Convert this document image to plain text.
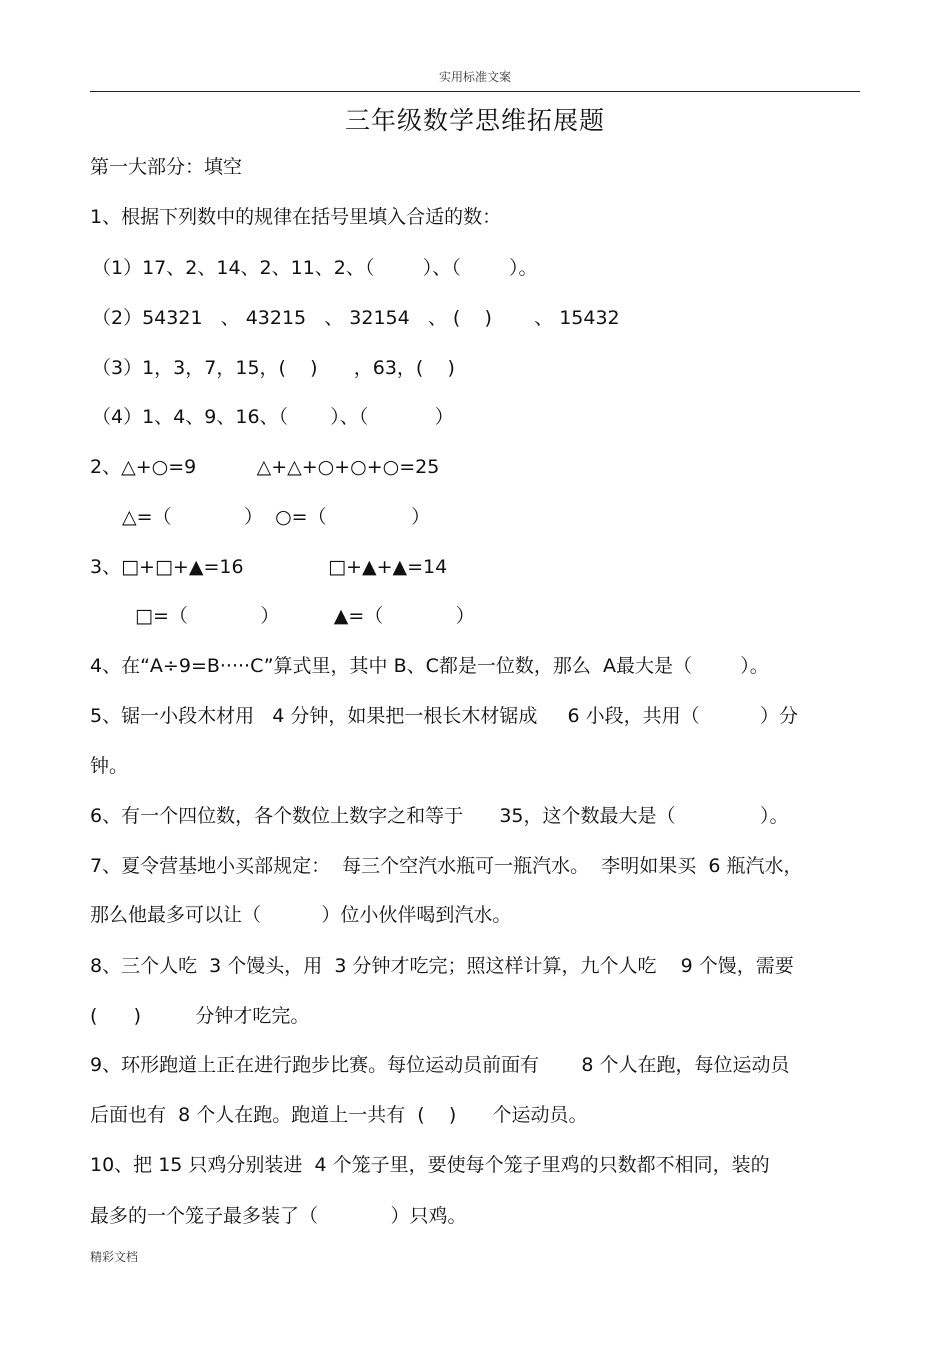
实用标准文案
三年级数学思维拓展题
第一大部分：填空
1、根据下列数中的规律在括号里填入合适的数：
（1）17、2、14、2、11、2、（        ）、（        ）。
（2）54321   、 43215   、 32154   、 (    )       、 15432
（3）1，3，7，15，(    )      ，63，(    )
（4）1、4、9、16、（       ）、（           ）
2、△+○=9          △+△+○+○+○=25
△=（            ）  ○=（              ）
3、□+□+▲=16              □+▲+▲=14
□=（            ）         ▲=（            ）
4、在“A÷9=B·····C”算式里，其中 B、C都是一位数，那么  A最大是（        ）。
5、锯一小段木材用   4 分钟，如果把一根长木材锯成     6 小段，共用（          ）分
钟。
6、有一个四位数，各个数位上数字之和等于      35，这个数最大是（              ）。
7、夏令营基地小买部规定：  每三个空汽水瓶可一瓶汽水。  李明如果买  6 瓶汽水，
那么他最多可以让（          ）位小伙伴喝到汽水。
8、三个人吃  3 个馒头，用  3 分钟才吃完；照这样计算，九个人吃    9 个馒，需要
(      )         分钟才吃完。
9、环形跑道上正在进行跑步比赛。每位运动员前面有       8 个人在跑，每位运动员
后面也有  8 个人在跑。跑道上一共有  (    )      个运动员。
10、把 15 只鸡分别装进  4 个笼子里，要使每个笼子里鸡的只数都不相同，装的
最多的一个笼子最多装了（            ）只鸡。
精彩文档
